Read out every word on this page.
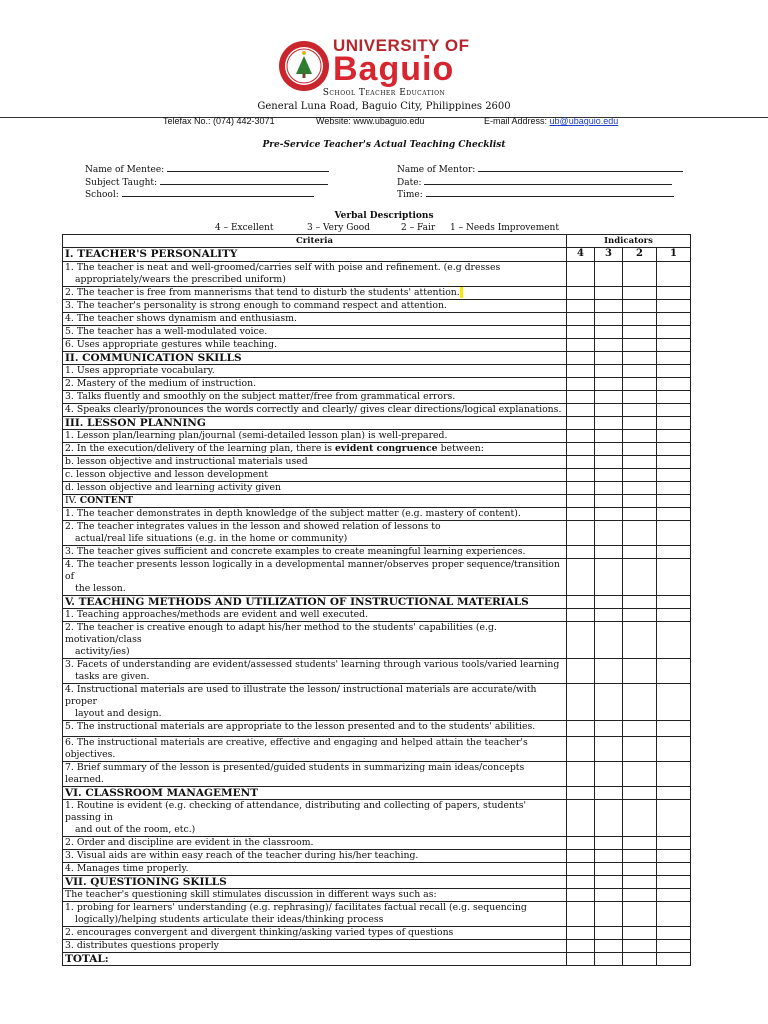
UNIVERSITY OF
Baguio
School Teacher Education
General Luna Road, Baguio City, Philippines 2600
Telefax No.: (074) 442-3071	Website: www.ubaguio.edu	E-mail Address: ub@ubaguio.edu
Pre-Service Teacher's Actual Teaching Checklist
Name of Mentee:
Subject Taught:
School:
Name of Mentor:
Date:
Time:
Verbal Descriptions
4 – Excellent	3 – Very Good	2 – Fair 1 – Needs Improvement
Criteria	Indicators			
I. TEACHER'S PERSONALITY	4	3	2	1
1. The teacher is neat and well-groomed/carries self with poise and refinement. (e.g dresses
appropriately/wears the prescribed uniform)				
2. The teacher is free from mannerisms that tend to disturb the students' attention.				
3. The teacher's personality is strong enough to command respect and attention.				
4. The teacher shows dynamism and enthusiasm.				
5. The teacher has a well-modulated voice.				
6. Uses appropriate gestures while teaching.				
II. COMMUNICATION SKILLS				
1. Uses appropriate vocabulary.				
2. Mastery of the medium of instruction.				
3. Talks fluently and smoothly on the subject matter/free from grammatical errors.				
4. Speaks clearly/pronounces the words correctly and clearly/ gives clear directions/logical explanations.				
III. LESSON PLANNING				
1. Lesson plan/learning plan/journal (semi-detailed lesson plan) is well-prepared.				
2. In the execution/delivery of the learning plan, there is evident congruence between:				
b. lesson objective and instructional materials used				
c. lesson objective and lesson development				
d. lesson objective and learning activity given				
IV. CONTENT				
1. The teacher demonstrates in depth knowledge of the subject matter (e.g. mastery of content).				
2. The teacher integrates values in the lesson and showed relation of lessons to
actual/real life situations (e.g. in the home or community)				
3. The teacher gives sufficient and concrete examples to create meaningful learning experiences.				
4. The teacher presents lesson logically in a developmental manner/observes proper sequence/transition of
the lesson.				
V. TEACHING METHODS AND UTILIZATION OF INSTRUCTIONAL MATERIALS				
1. Teaching approaches/methods are evident and well executed.				
2. The teacher is creative enough to adapt his/her method to the students' capabilities (e.g. motivation/class
activity/ies)				
3. Facets of understanding are evident/assessed students' learning through various tools/varied learning
tasks are given.				
4. Instructional materials are used to illustrate the lesson/ instructional materials are accurate/with proper
layout and design.				
5. The instructional materials are appropriate to the lesson presented and to the students' abilities.				
6. The instructional materials are creative, effective and engaging and helped attain the teacher's objectives.				
7. Brief summary of the lesson is presented/guided students in summarizing main ideas/concepts learned.				
VI. CLASSROOM MANAGEMENT				
1. Routine is evident (e.g. checking of attendance, distributing and collecting of papers, students' passing in
and out of the room, etc.)				
2. Order and discipline are evident in the classroom.				
3. Visual aids are within easy reach of the teacher during his/her teaching.				
4. Manages time properly.				
VII. QUESTIONING SKILLS				
The teacher's questioning skill stimulates discussion in different ways such as:				
1. probing for learners' understanding (e.g. rephrasing)/ facilitates factual recall (e.g. sequencing
logically)/helping students articulate their ideas/thinking process				
2. encourages convergent and divergent thinking/asking varied types of questions				
3. distributes questions properly				
TOTAL:				
